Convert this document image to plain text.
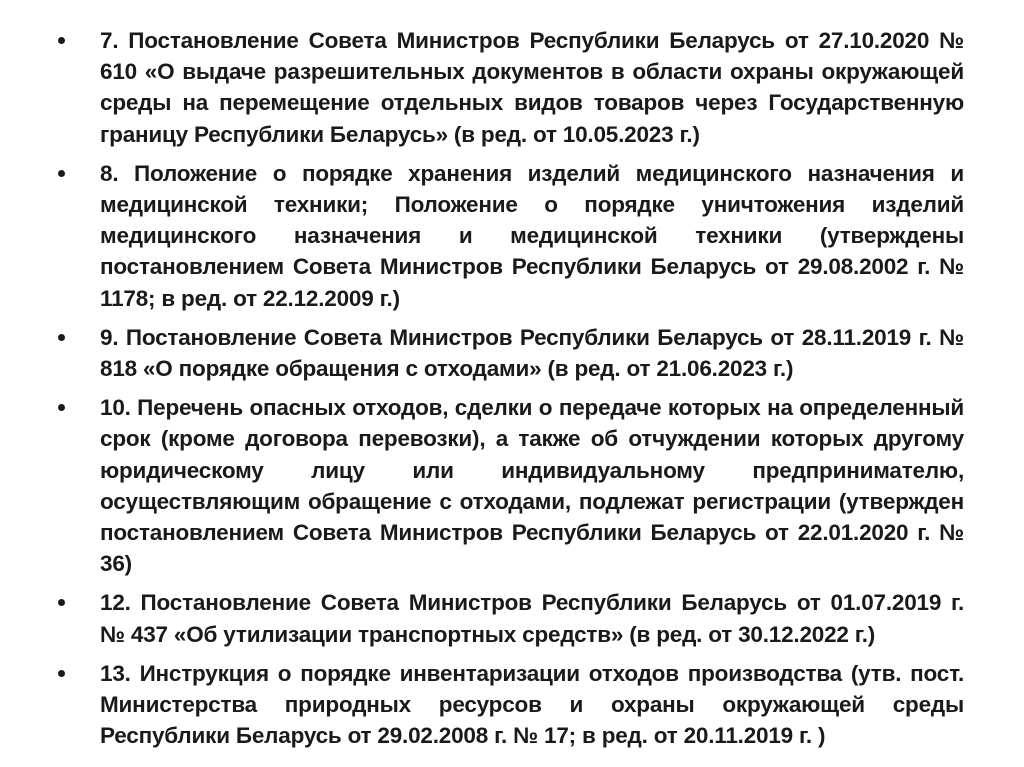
7. Постановление Совета Министров Республики Беларусь от 27.10.2020 № 610 «О выдаче разрешительных документов в области охраны окружающей среды на перемещение отдельных видов товаров через Государственную границу Республики Беларусь» (в ред. от 10.05.2023 г.)
8. Положение о порядке хранения изделий медицинского назначения и медицинской техники; Положение о порядке уничтожения изделий медицинского назначения и медицинской техники (утверждены постановлением Совета Министров Республики Беларусь от 29.08.2002 г. № 1178; в ред. от 22.12.2009 г.)
9. Постановление Совета Министров Республики Беларусь от 28.11.2019 г. № 818 «О порядке обращения с отходами» (в ред. от 21.06.2023 г.)
10. Перечень опасных отходов, сделки о передаче которых на определенный срок (кроме договора перевозки), а также об отчуждении которых другому юридическому лицу или индивидуальному предпринимателю, осуществляющим обращение с отходами, подлежат регистрации (утвержден постановлением Совета Министров Республики Беларусь от 22.01.2020 г. № 36)
12. Постановление Совета Министров Республики Беларусь от 01.07.2019 г. № 437 «Об утилизации транспортных средств» (в ред. от 30.12.2022 г.)
13. Инструкция о порядке инвентаризации отходов производства (утв. пост. Министерства природных ресурсов и охраны окружающей среды Республики Беларусь от 29.02.2008 г. № 17; в ред. от 20.11.2019 г. )
